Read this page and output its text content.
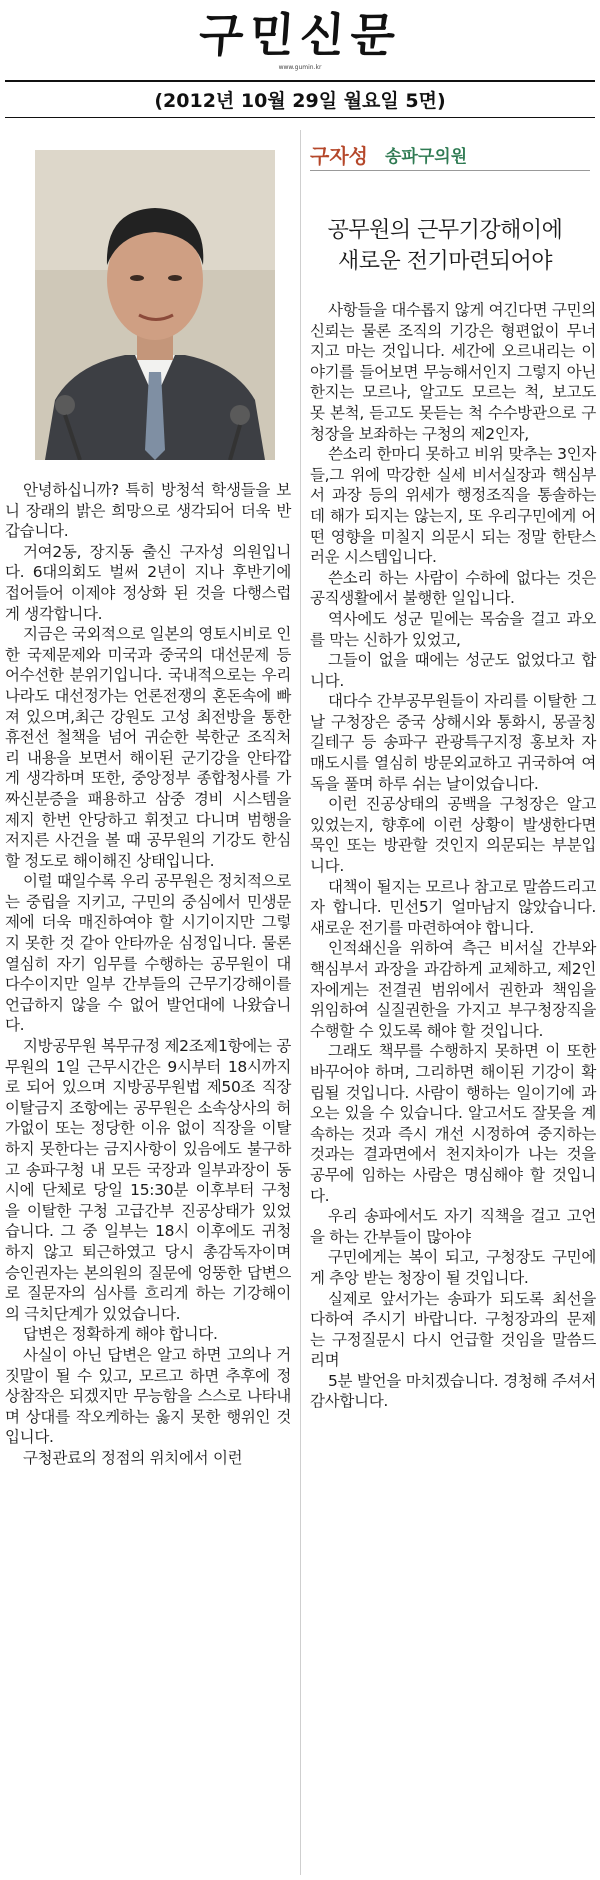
구민신문
www.gumin.kr
(2012년 10월 29일 월요일 5면)
구자성 송파구의원
공무원의 근무기강해이에
새로운 전기마련되어야

안녕하십니까? 특히 방청석 학생들을 보니 장래의 밝은 희망으로 생각되어 더욱 반갑습니다.

거여2동, 장지동 출신 구자성 의원입니다. 6대의회도 벌써 2년이 지나 후반기에 접어들어 이제야 정상화 된 것을 다행스럽게 생각합니다.

지금은 국외적으로 일본의 영토시비로 인한 국제문제와 미국과 중국의 대선문제 등 어수선한 분위기입니다. 국내적으로는 우리나라도 대선정가는 언론전쟁의 혼돈속에 빠져 있으며,최근 강원도 고성 최전방을 통한 휴전선 철책을 넘어 귀순한 북한군 조직처리 내용을 보면서 해이된 군기강을 안타깝게 생각하며 또한, 중앙정부 종합청사를 가짜신분증을 패용하고 삼중 경비 시스템을 제지 한번 안당하고 휘젓고 다니며 범행을 저지른 사건을 볼 때 공무원의 기강도 한심할 정도로 해이해진 상태입니다.

이럴 때일수록 우리 공무원은 정치적으로는 중립을 지키고, 구민의 중심에서 민생문제에 더욱 매진하여야 할 시기이지만 그렇지 못한 것 같아 안타까운 심정입니다. 물론 열심히 자기 임무를 수행하는 공무원이 대다수이지만 일부 간부들의 근무기강해이를 언급하지 않을 수 없어 발언대에 나왔습니다.

지방공무원 복무규정 제2조제1항에는 공무원의 1일 근무시간은 9시부터 18시까지로 되어 있으며 지방공무원법 제50조 직장이탈금지 조항에는 공무원은 소속상사의 허가없이 또는 정당한 이유 없이 직장을 이탈하지 못한다는 금지사항이 있음에도 불구하고 송파구청 내 모든 국장과 일부과장이 동시에 단체로 당일 15:30분 이후부터 구청을 이탈한 구청 고급간부 진공상태가 있었습니다. 그 중 일부는 18시 이후에도 귀청하지 않고 퇴근하였고 당시 총감독자이며 승인권자는 본의원의 질문에 엉뚱한 답변으로 질문자의 심사를 흐리게 하는 기강해이의 극치단계가 있었습니다.

답변은 정확하게 해야 합니다.

사실이 아닌 답변은 알고 하면 고의나 거짓말이 될 수 있고, 모르고 하면 추후에 정상참작은 되겠지만 무능함을 스스로 나타내며 상대를 작오케하는 옳지 못한 행위인 것입니다.

구청관료의 정점의 위치에서 이런

사항들을 대수롭지 않게 여긴다면 구민의 신뢰는 물론 조직의 기강은 형편없이 무너지고 마는 것입니다. 세간에 오르내리는 이야기를 들어보면 무능해서인지 그렇지 아닌한지는 모르나, 알고도 모르는 척, 보고도 못 본척, 듣고도 못듣는 척 수수방관으로 구청장을 보좌하는 구청의 제2인자,

쓴소리 한마디 못하고 비위 맞추는 3인자들,그 위에 막강한 실세 비서실장과 핵심부서 과장 등의 위세가 행정조직을 통솔하는데 해가 되지는 않는지, 또 우리구민에게 어떤 영향을 미칠지 의문시 되는 정말 한탄스러운 시스템입니다.

쓴소리 하는 사람이 수하에 없다는 것은 공직생활에서 불행한 일입니다.

역사에도 성군 밑에는 목숨을 걸고 과오를 막는 신하가 있었고,

그들이 없을 때에는 성군도 없었다고 합니다.

대다수 간부공무원들이 자리를 이탈한 그날 구청장은 중국 상해시와 통화시, 몽골칭길테구 등 송파구 관광특구지정 홍보차 자매도시를 열심히 방문외교하고 귀국하여 여독을 풀며 하루 쉬는 날이었습니다.

이런 진공상태의 공백을 구청장은 알고 있었는지, 향후에 이런 상황이 발생한다면 묵인 또는 방관할 것인지 의문되는 부분입니다.

대책이 될지는 모르나 참고로 말씀드리고자 합니다. 민선5기 얼마남지 않았습니다.새로운 전기를 마련하여야 합니다.

인적쇄신을 위하여 측근 비서실 간부와 핵심부서 과장을 과감하게 교체하고, 제2인자에게는 전결권 범위에서 권한과 책임을 위임하여 실질권한을 가지고 부구청장직을 수행할 수 있도록 해야 할 것입니다.

그래도 책무를 수행하지 못하면 이 또한 바꾸어야 하며, 그리하면 해이된 기강이 확립될 것입니다. 사람이 행하는 일이기에 과오는 있을 수 있습니다. 알고서도 잘못을 계속하는 것과 즉시 개선 시정하여 중지하는 것과는 결과면에서 천지차이가 나는 것을 공무에 임하는 사람은 명심해야 할 것입니다.

우리 송파에서도 자기 직책을 걸고 고언을 하는 간부들이 많아야

구민에게는 복이 되고, 구청장도 구민에게 추앙 받는 청장이 될 것입니다.

실제로 앞서가는 송파가 되도록 최선을 다하여 주시기 바랍니다. 구청장과의 문제는 구정질문시 다시 언급할 것임을 말씀드리며

5분 발언을 마치겠습니다. 경청해 주셔서 감사합니다.
